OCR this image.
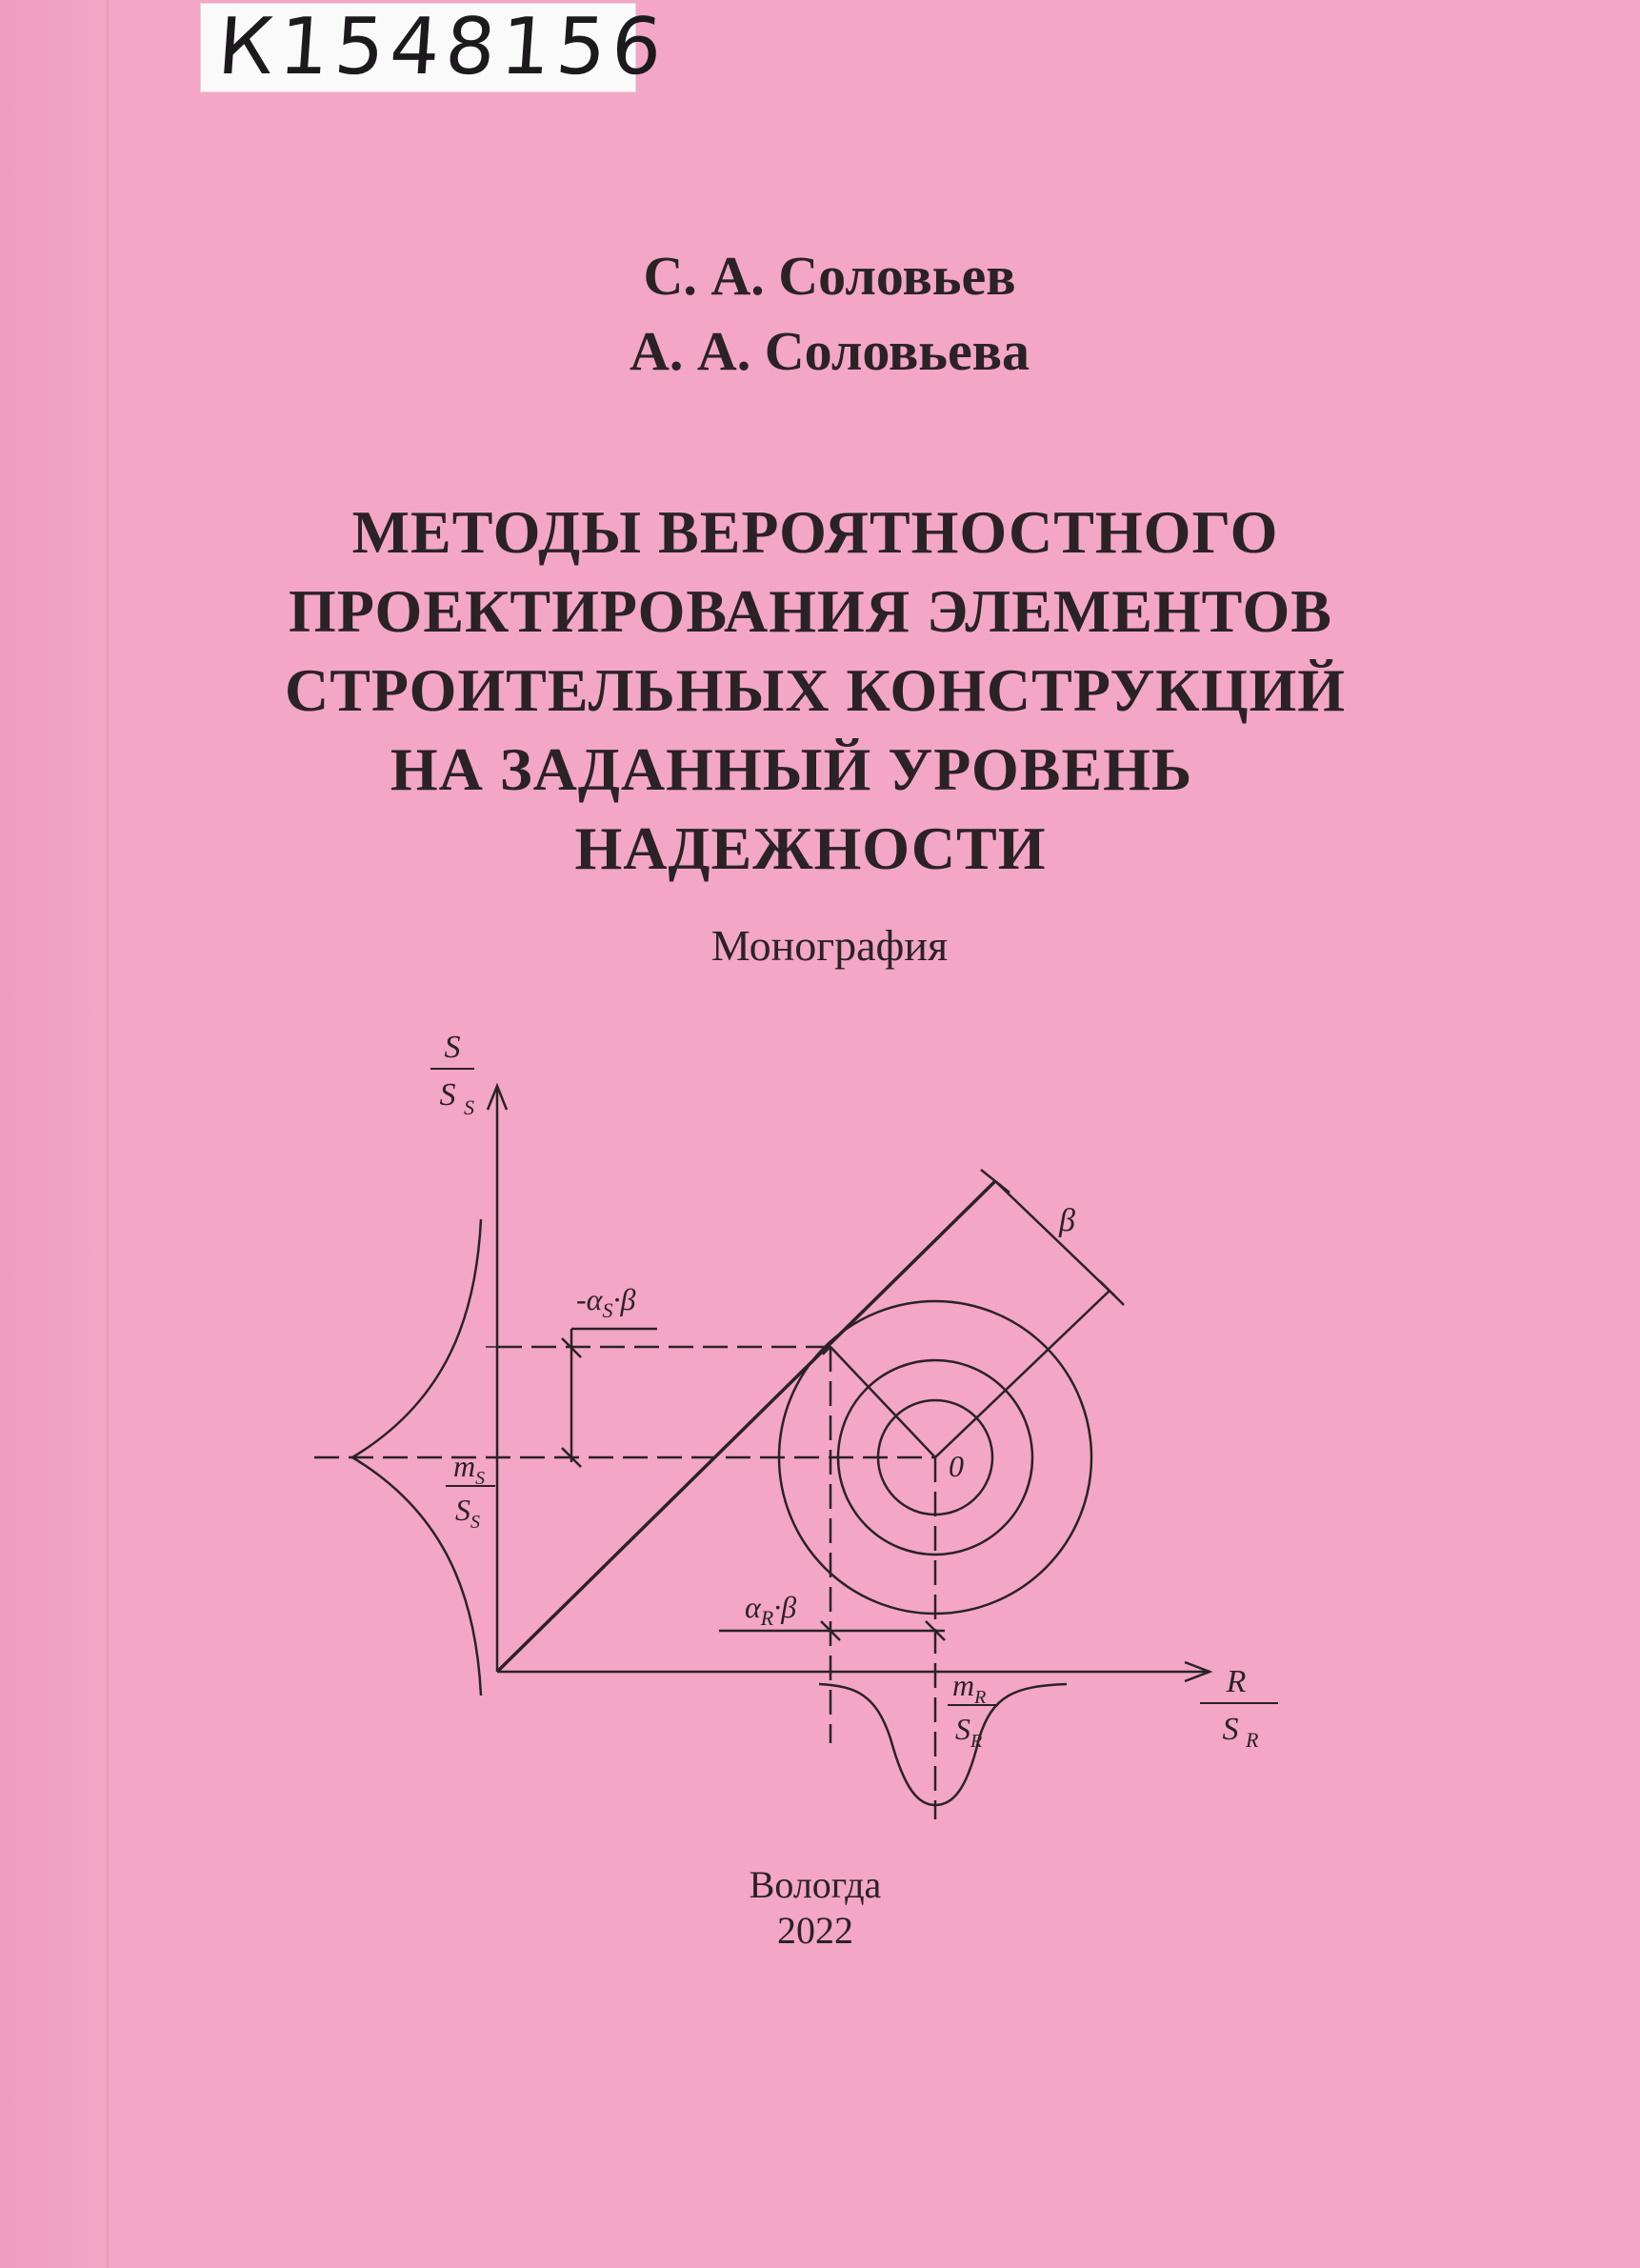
К1548156
С. А. Соловьев
А. А. Соловьева
МЕТОДЫ ВЕРОЯТНОСТНОГО
ПРОЕКТИРОВАНИЯ ЭЛЕМЕНТОВ
СТРОИТЕЛЬНЫХ КОНСТРУКЦИЙ
НА ЗАДАННЫЙ УРОВЕНЬ
НАДЕЖНОСТИ
Монография
S
S S
R
S R
β
$-\alpha_S\cdot\beta$
$\alpha_R\cdot\beta$
0
$m_S$
$S_S$
$m_R$
$S_R$
Вологда
2022
